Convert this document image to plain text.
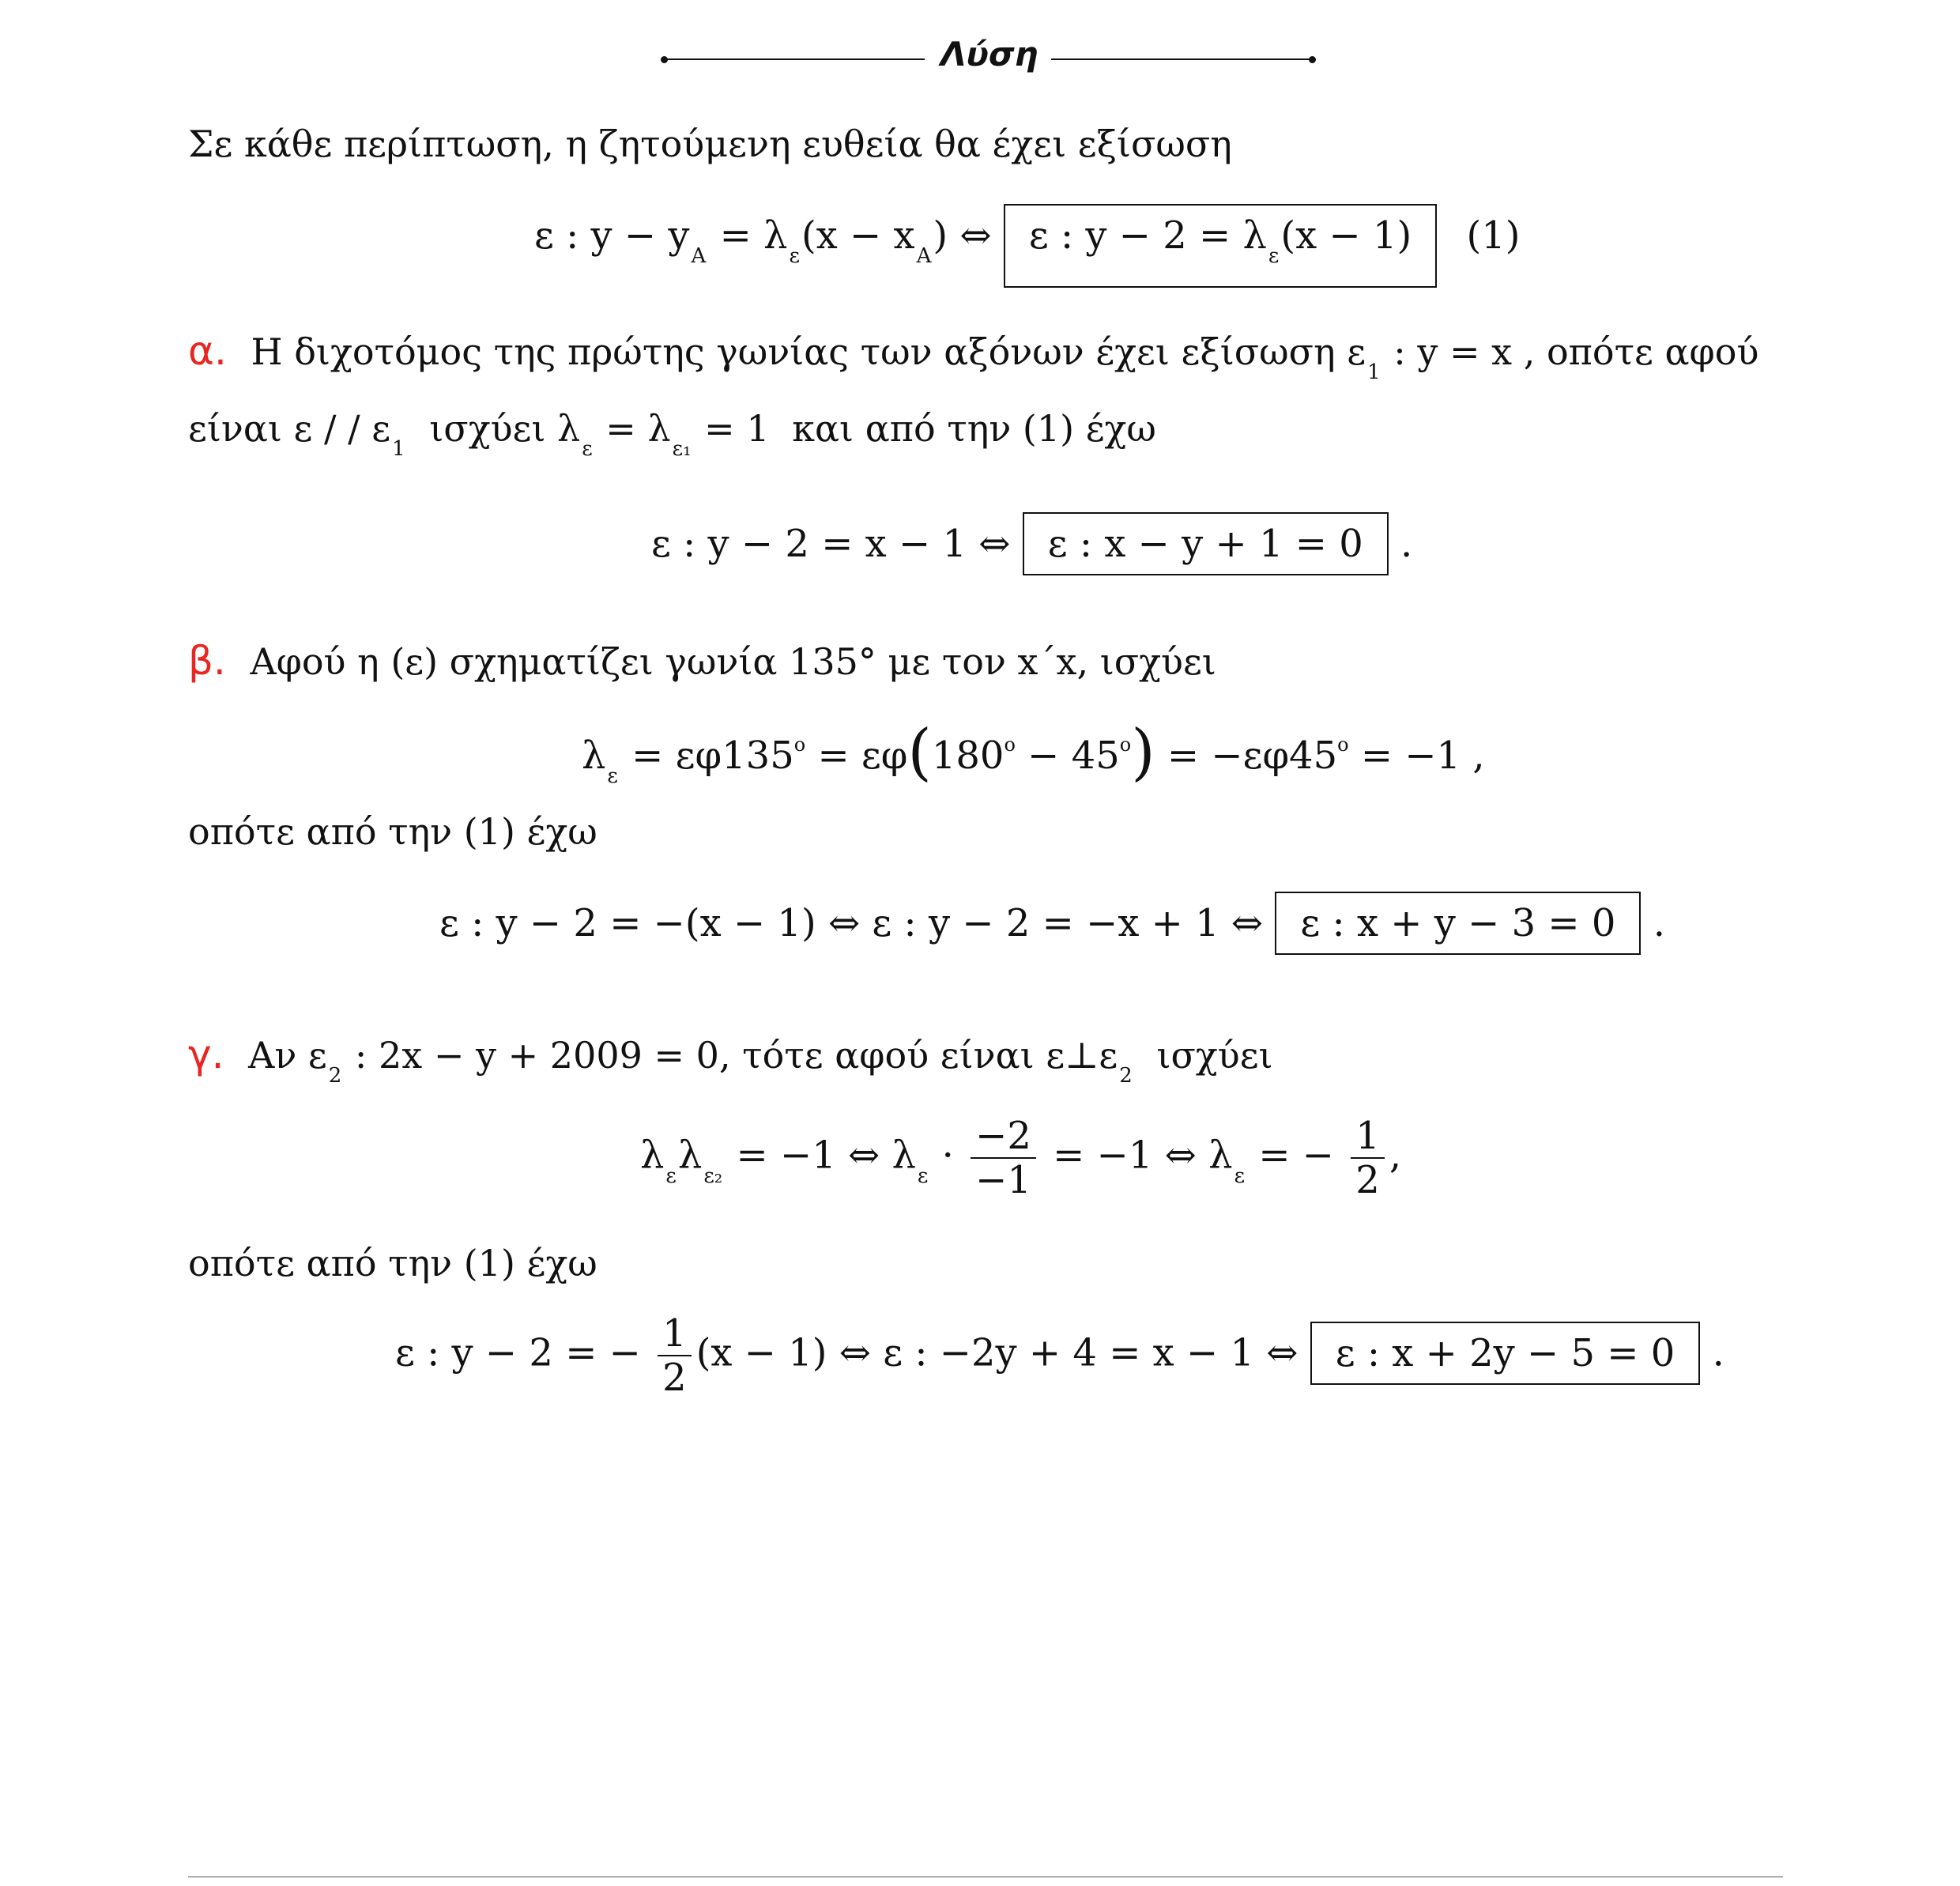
Λύση
Σε κάθε περίπτωση, η ζητούμενη ευθεία θα έχει εξίσωση
ε : $y - y_A = \lambda_\varepsilon(x - x_A)$ ⇔ ε : $y - 2 = \lambda_\varepsilon(x - 1)$ (1)
α. Η διχοτόμος της πρώτης γωνίας των αξόνων έχει εξίσωση $\varepsilon_1$ : y = x , οπότε αφού
είναι ε / / $\varepsilon_1$ ισχύει $\lambda_\varepsilon = \lambda_{\varepsilon_1} = 1$ και από την (1) έχω
ε : y − 2 = x − 1 ⇔ ε : x − y + 1 = 0 .
β. Αφού η (ε) σχηματίζει γωνία 135° με τον x΄x, ισχύει
$\lambda_\varepsilon = \varepsilon\varphi 135^o = \varepsilon\varphi(180^o - 45^o) = -\varepsilon\varphi 45^o = -1$ ,
οπότε από την (1) έχω
ε : y − 2 = −(x − 1) ⇔ ε : y − 2 = −x + 1 ⇔ ε : x + y − 3 = 0 .
γ. Αν $\varepsilon_2$ : 2x − y + 2009 = 0, τότε αφού είναι $\varepsilon\perp\varepsilon_2$ ισχύει
$\lambda_\varepsilon\lambda_{\varepsilon_2} = -1$ ⇔ $\lambda_\varepsilon \cdot \frac{-2}{-1} = -1$ ⇔ $\lambda_\varepsilon$ = − $\frac{1}{2}$ ,
οπότε από την (1) έχω
ε : y − 2 = − $\frac{1}{2} (x - 1)$ ⇔ ε : −2y + 4 = x − 1 ⇔ ε : x + 2y − 5 = 0 .
